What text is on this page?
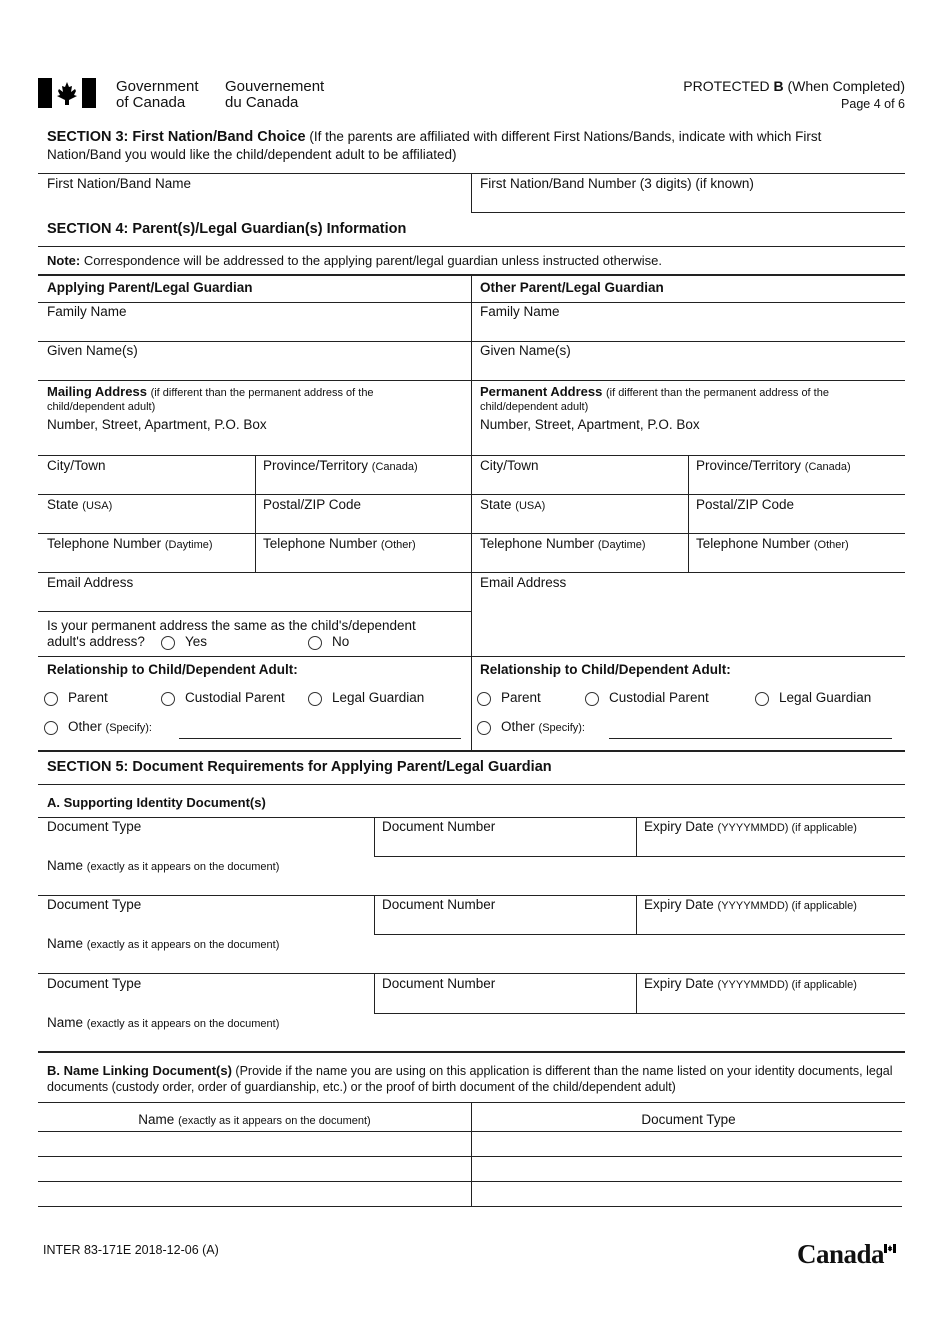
Government
of Canada
Gouvernement
du Canada
PROTECTED B (When Completed)
Page 4 of 6
SECTION 3: First Nation/Band Choice (If the parents are affiliated with different First Nations/Bands, indicate with which First
Nation/Band you would like the child/dependent adult to be affiliated)
First Nation/Band Name	First Nation/Band Number (3 digits) (if known)
SECTION 4: Parent(s)/Legal Guardian(s) Information
Note: Correspondence will be addressed to the applying parent/legal guardian unless instructed otherwise.
Applying Parent/Legal Guardian
Family Name
Given Name(s)
Mailing Address (if different than the permanent address of the
child/dependent adult)
Number, Street, Apartment, P.O. Box
City/Town	Province/Territory (Canada)
State (USA)	Postal/ZIP Code
Telephone Number (Daytime)	Telephone Number (Other)
Email Address
Is your permanent address the same as the child's/dependent
adult's address?	Yes	No
Relationship to Child/Dependent Adult:
Parent	Custodial Parent	Legal Guardian
Other (Specify):
Other Parent/Legal Guardian
Family Name
Given Name(s)
Permanent Address (if different than the permanent address of the
child/dependent adult)
Number, Street, Apartment, P.O. Box
City/Town	Province/Territory (Canada)
State (USA)	Postal/ZIP Code
Telephone Number (Daytime)	Telephone Number (Other)
Email Address
Relationship to Child/Dependent Adult:
Parent	Custodial Parent	Legal Guardian
Other (Specify):
SECTION 5: Document Requirements for Applying Parent/Legal Guardian
A. Supporting Identity Document(s)
Document Type	Document Number	Expiry Date (YYYYMMDD) (if applicable)
Name (exactly as it appears on the document)
Document Type	Document Number	Expiry Date (YYYYMMDD) (if applicable)
Name (exactly as it appears on the document)
Document Type	Document Number	Expiry Date (YYYYMMDD) (if applicable)
Name (exactly as it appears on the document)
B. Name Linking Document(s) (Provide if the name you are using on this application is different than the name listed on your identity documents, legal
documents (custody order, order of guardianship, etc.) or the proof of birth document of the child/dependent adult)
Name (exactly as it appears on the document)	Document Type
INTER 83-171E 2018-12-06 (A)	Canada
